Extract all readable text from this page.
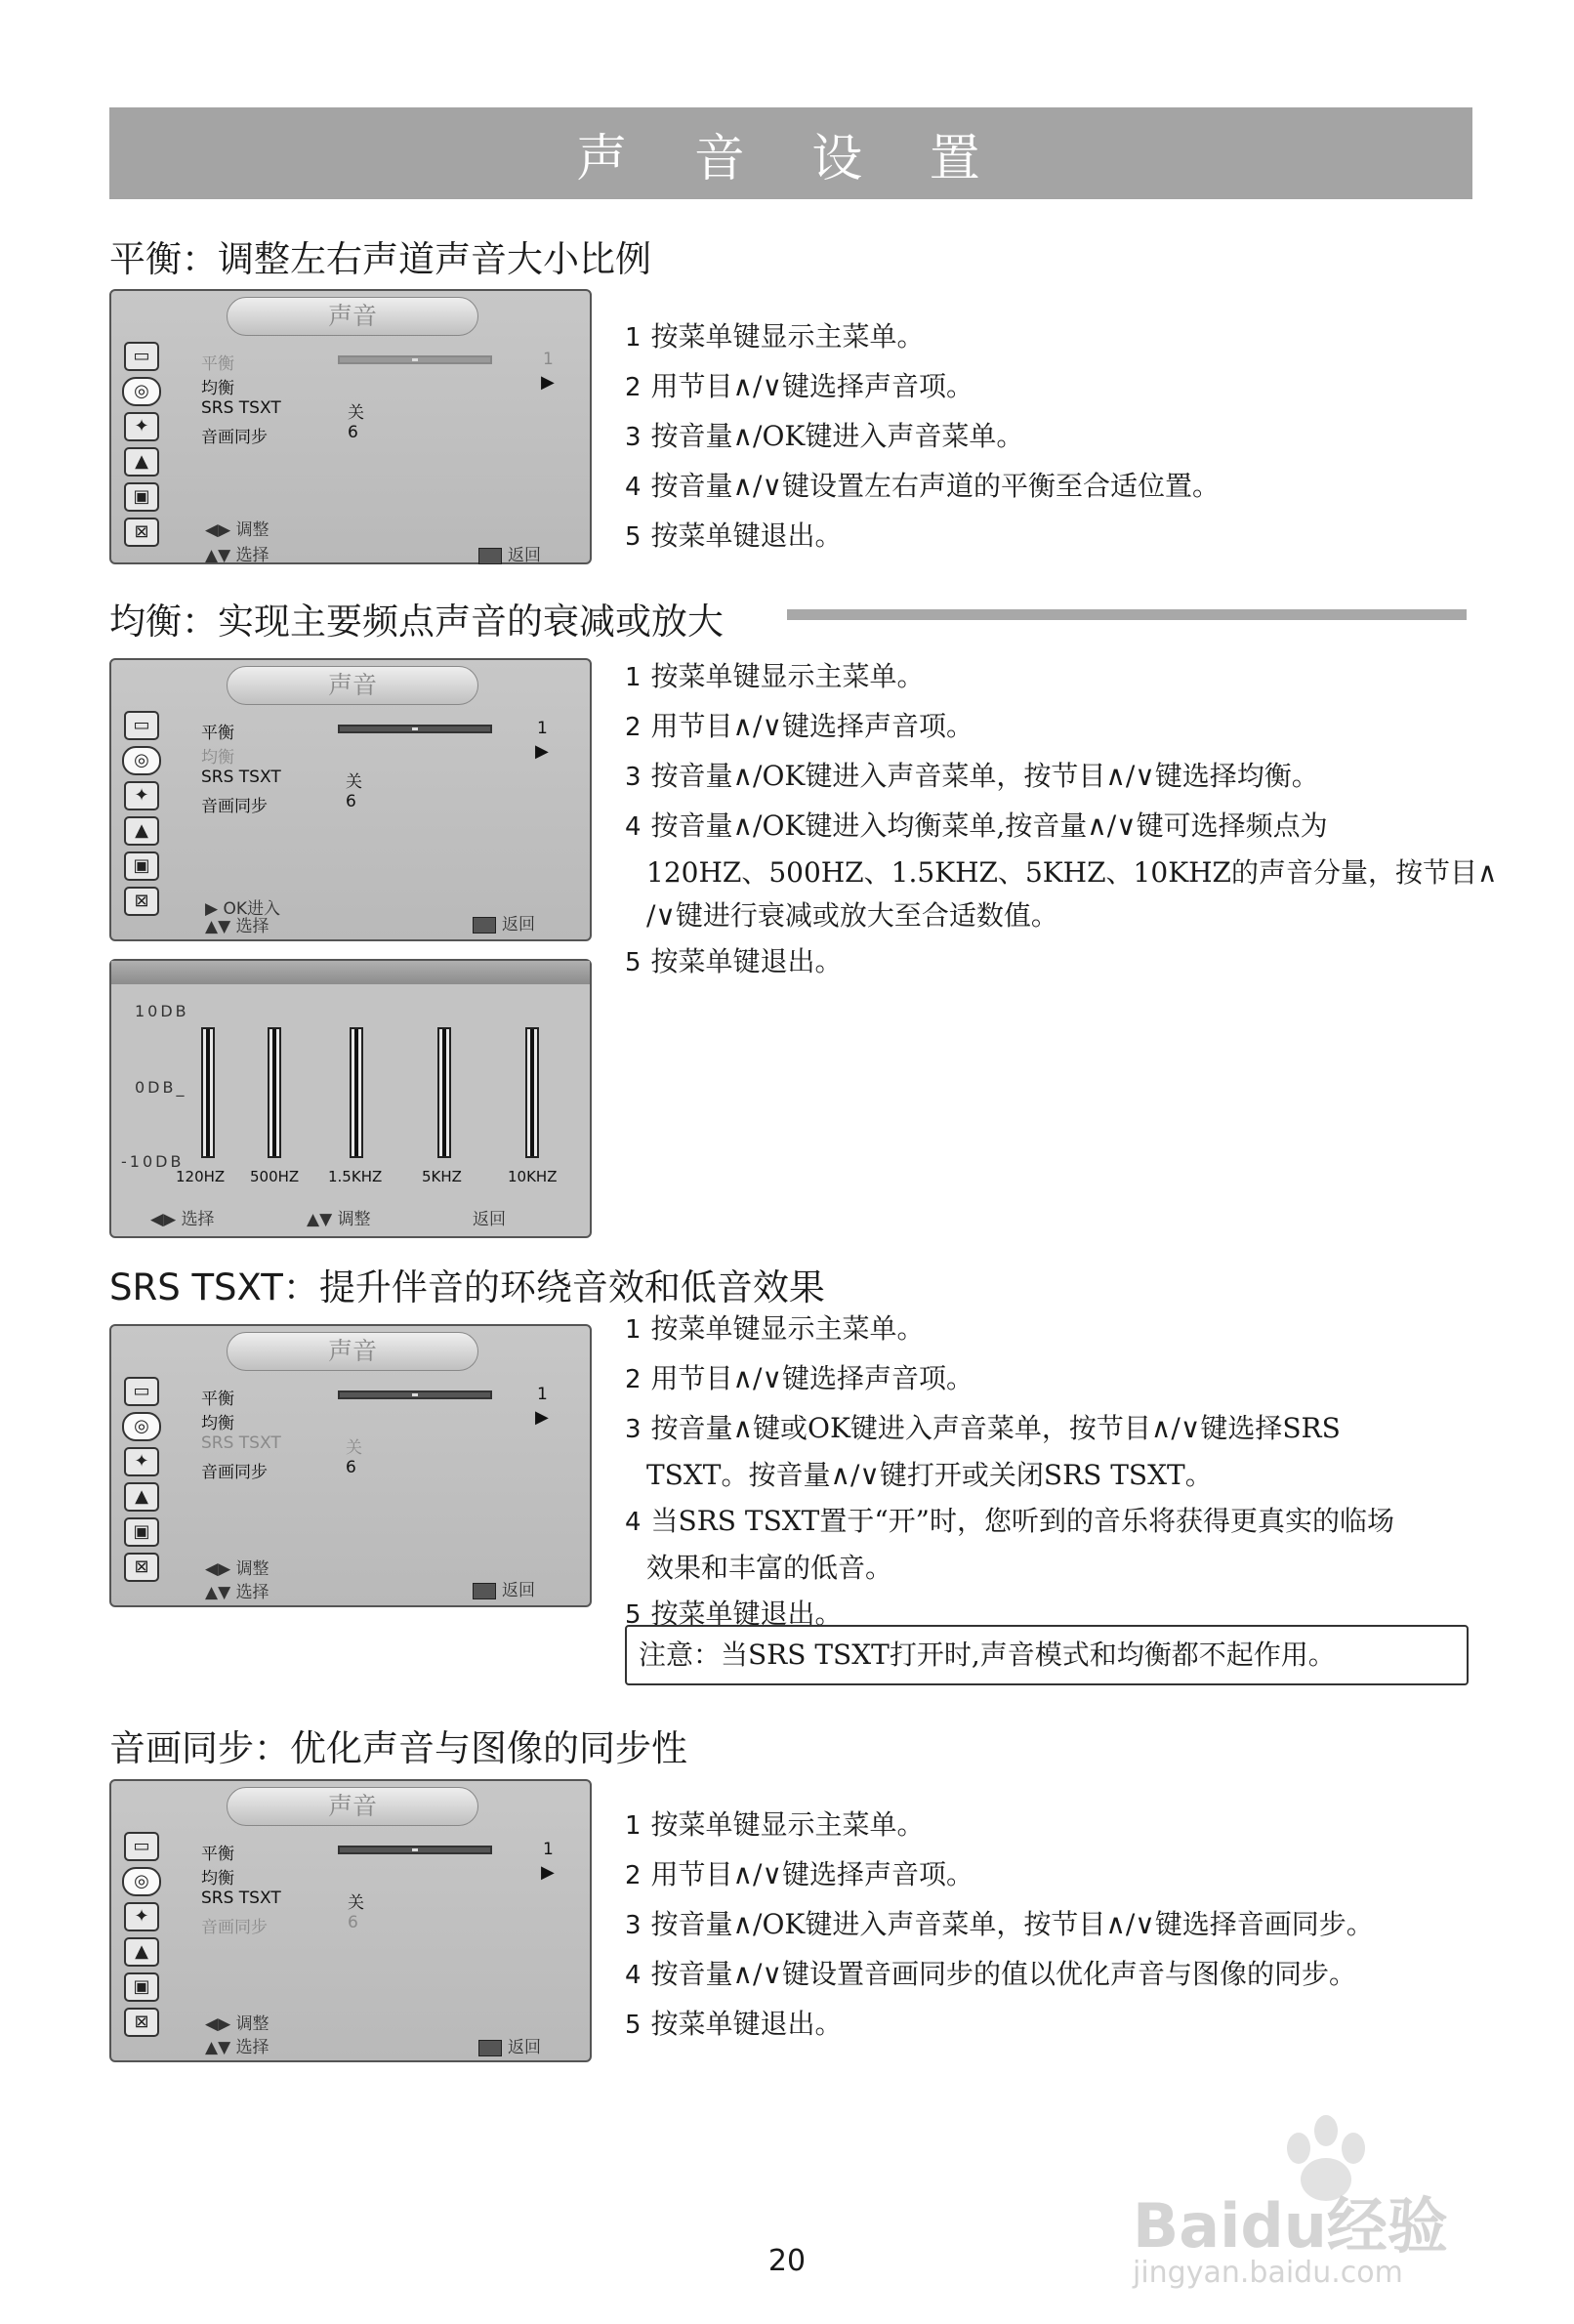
声 音 设 置
平衡：调整左右声道声音大小比例
声音
▭
◎
✦
▲
▣
⊠
平衡	1
均衡	▶
SRS TSXT	关
音画同步	6
◀▶ 调整
▲▼ 选择	返回
1 按菜单键显示主菜单。
2 用节目∧/∨键选择声音项。
3 按音量∧/OK键进入声音菜单。
4 按音量∧/∨键设置左右声道的平衡至合适位置。
5 按菜单键退出。
均衡：实现主要频点声音的衰减或放大
声音
▭
◎
✦
▲
▣
⊠
平衡	1
均衡	▶
SRS TSXT	关
音画同步	6
▶ OK进入
▲▼ 选择	返回
10DB
0DB_
-10DB
120HZ 500HZ 1.5KHZ	5KHZ	10KHZ
◀▶ 选择	▲▼ 调整	返回
1 按菜单键显示主菜单。
2 用节目∧/∨键选择声音项。
3 按音量∧/OK键进入声音菜单，按节目∧/∨键选择均衡。
4 按音量∧/OK键进入均衡菜单,按音量∧/∨键可选择频点为
120HZ、500HZ、1.5KHZ、5KHZ、10KHZ的声音分量，按节目∧
/∨键进行衰减或放大至合适数值。
5 按菜单键退出。
SRS TSXT：提升伴音的环绕音效和低音效果
声音
▭
◎
✦
▲
▣
⊠
平衡	1
均衡	▶
SRS TSXT	关
音画同步	6
◀▶ 调整
▲▼ 选择	返回
1 按菜单键显示主菜单。
2 用节目∧/∨键选择声音项。
3 按音量∧键或OK键进入声音菜单，按节目∧/∨键选择SRS
TSXT。按音量∧/∨键打开或关闭SRS TSXT。
4 当SRS TSXT置于“开”时，您听到的音乐将获得更真实的临场
效果和丰富的低音。
5 按菜单键退出。
注意：当SRS TSXT打开时,声音模式和均衡都不起作用。
音画同步：优化声音与图像的同步性
声音
▭
◎
✦
▲
▣
⊠
平衡	1
均衡	▶
SRS TSXT	关
音画同步	6
◀▶ 调整
▲▼ 选择	返回
1 按菜单键显示主菜单。
2 用节目∧/∨键选择声音项。
3 按音量∧/OK键进入声音菜单，按节目∧/∨键选择音画同步。
4 按音量∧/∨键设置音画同步的值以优化声音与图像的同步。
5 按菜单键退出。
Baidu经验
jingyan.baidu.com
20
